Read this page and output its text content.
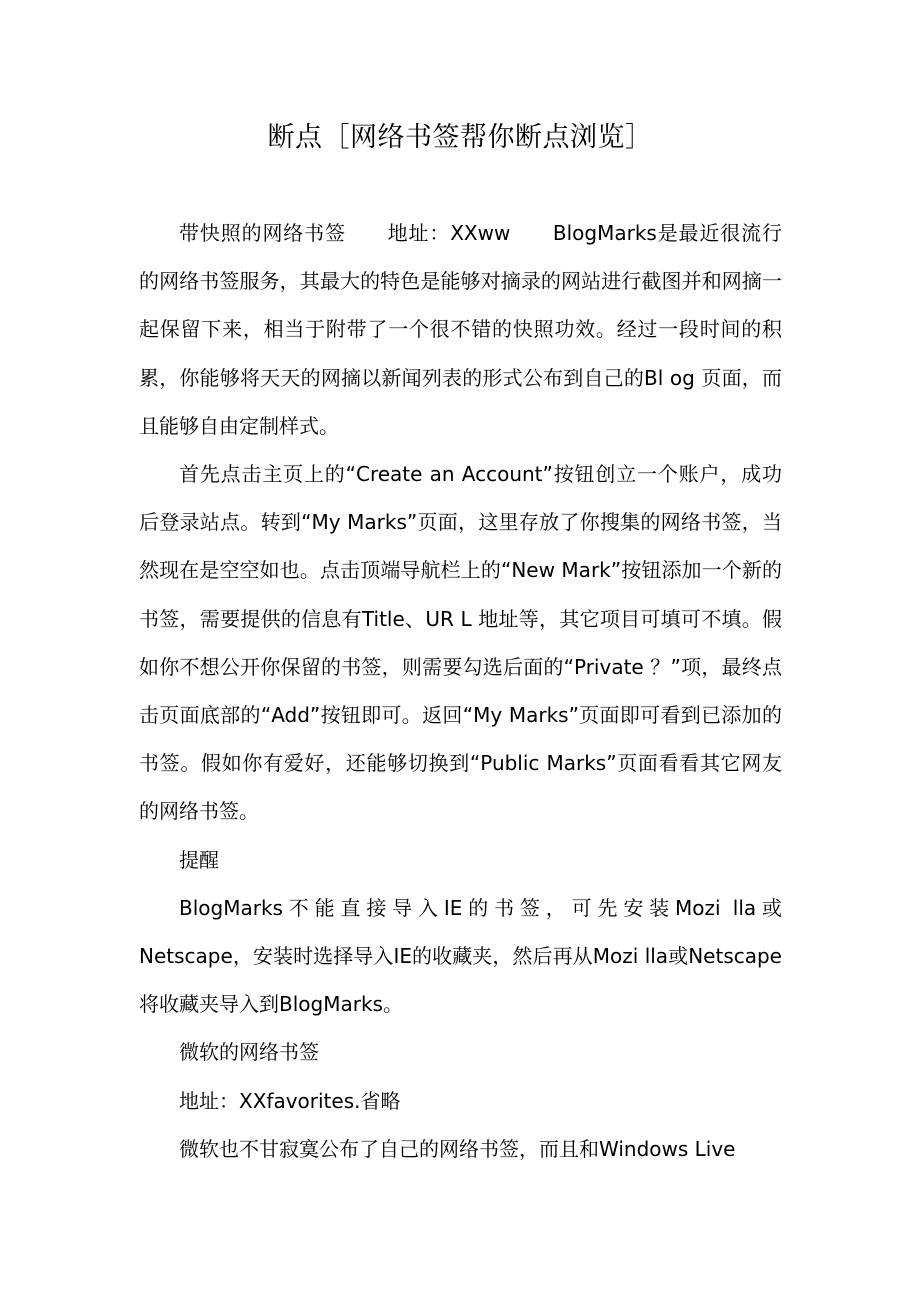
断点［网络书签帮你断点浏览］

带快照的网络书签　　地址：XXww　　BlogMarks是最近很流行的网络书签服务，其最大的特色是能够对摘录的网站进行截图并和网摘一起保留下来，相当于附带了一个很不错的快照功效。经过一段时间的积累，你能够将天天的网摘以新闻列表的形式公布到自己的Bl og 页面，而且能够自由定制样式。

首先点击主页上的“Create an Account”按钮创立一个账户，成功后登录站点。转到“My Marks”页面，这里存放了你搜集的网络书签，当然现在是空空如也。点击顶端导航栏上的“New Mark”按钮添加一个新的书签，需要提供的信息有Title、UR L 地址等，其它项目可填可不填。假如你不想公开你保留的书签，则需要勾选后面的“Private ？”项，最终点击页面底部的“Add”按钮即可。返回“My Marks”页面即可看到已添加的书签。假如你有爱好，还能够切换到“Public Marks”页面看看其它网友的网络书签。

提醒

BlogMarks不能直接导入IE的书签，可先安装Mozi lla或Netscape，安装时选择导入IE的收藏夹，然后再从Mozi lla或Netscape将收藏夹导入到BlogMarks。

微软的网络书签

地址：XXfavorites.省略

微软也不甘寂寞公布了自己的网络书签，而且和Windows Live
